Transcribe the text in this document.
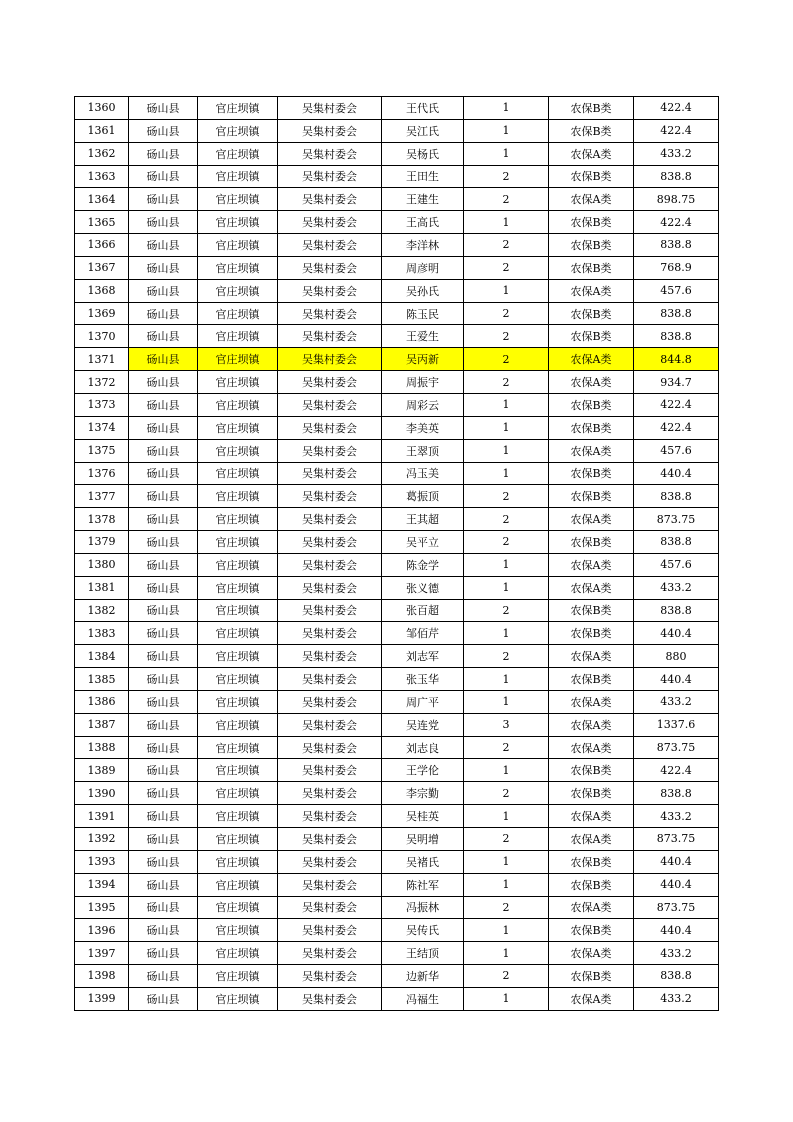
1360	砀山县	官庄坝镇	吴集村委会	王代氏	1	农保B类	422.4
1361	砀山县	官庄坝镇	吴集村委会	吴江氏	1	农保B类	422.4
1362	砀山县	官庄坝镇	吴集村委会	吴杨氏	1	农保A类	433.2
1363	砀山县	官庄坝镇	吴集村委会	王田生	2	农保B类	838.8
1364	砀山县	官庄坝镇	吴集村委会	王建生	2	农保A类	898.75
1365	砀山县	官庄坝镇	吴集村委会	王高氏	1	农保B类	422.4
1366	砀山县	官庄坝镇	吴集村委会	李洋林	2	农保B类	838.8
1367	砀山县	官庄坝镇	吴集村委会	周彦明	2	农保B类	768.9
1368	砀山县	官庄坝镇	吴集村委会	吴孙氏	1	农保A类	457.6
1369	砀山县	官庄坝镇	吴集村委会	陈玉民	2	农保B类	838.8
1370	砀山县	官庄坝镇	吴集村委会	王爱生	2	农保B类	838.8
1371	砀山县	官庄坝镇	吴集村委会	吴丙新	2	农保A类	844.8
1372	砀山县	官庄坝镇	吴集村委会	周振宇	2	农保A类	934.7
1373	砀山县	官庄坝镇	吴集村委会	周彩云	1	农保B类	422.4
1374	砀山县	官庄坝镇	吴集村委会	李美英	1	农保B类	422.4
1375	砀山县	官庄坝镇	吴集村委会	王翠顶	1	农保A类	457.6
1376	砀山县	官庄坝镇	吴集村委会	冯玉美	1	农保B类	440.4
1377	砀山县	官庄坝镇	吴集村委会	葛振顶	2	农保B类	838.8
1378	砀山县	官庄坝镇	吴集村委会	王其超	2	农保A类	873.75
1379	砀山县	官庄坝镇	吴集村委会	吴平立	2	农保B类	838.8
1380	砀山县	官庄坝镇	吴集村委会	陈金学	1	农保A类	457.6
1381	砀山县	官庄坝镇	吴集村委会	张义德	1	农保A类	433.2
1382	砀山县	官庄坝镇	吴集村委会	张百超	2	农保B类	838.8
1383	砀山县	官庄坝镇	吴集村委会	邹佰芹	1	农保B类	440.4
1384	砀山县	官庄坝镇	吴集村委会	刘志军	2	农保A类	880
1385	砀山县	官庄坝镇	吴集村委会	张玉华	1	农保B类	440.4
1386	砀山县	官庄坝镇	吴集村委会	周广平	1	农保A类	433.2
1387	砀山县	官庄坝镇	吴集村委会	吴连党	3	农保A类	1337.6
1388	砀山县	官庄坝镇	吴集村委会	刘志良	2	农保A类	873.75
1389	砀山县	官庄坝镇	吴集村委会	王学伦	1	农保B类	422.4
1390	砀山县	官庄坝镇	吴集村委会	李宗勤	2	农保B类	838.8
1391	砀山县	官庄坝镇	吴集村委会	吴桂英	1	农保A类	433.2
1392	砀山县	官庄坝镇	吴集村委会	吴明增	2	农保A类	873.75
1393	砀山县	官庄坝镇	吴集村委会	吴褚氏	1	农保B类	440.4
1394	砀山县	官庄坝镇	吴集村委会	陈社军	1	农保B类	440.4
1395	砀山县	官庄坝镇	吴集村委会	冯振林	2	农保A类	873.75
1396	砀山县	官庄坝镇	吴集村委会	吴传氏	1	农保B类	440.4
1397	砀山县	官庄坝镇	吴集村委会	王结顶	1	农保A类	433.2
1398	砀山县	官庄坝镇	吴集村委会	边新华	2	农保B类	838.8
1399	砀山县	官庄坝镇	吴集村委会	冯福生	1	农保A类	433.2
